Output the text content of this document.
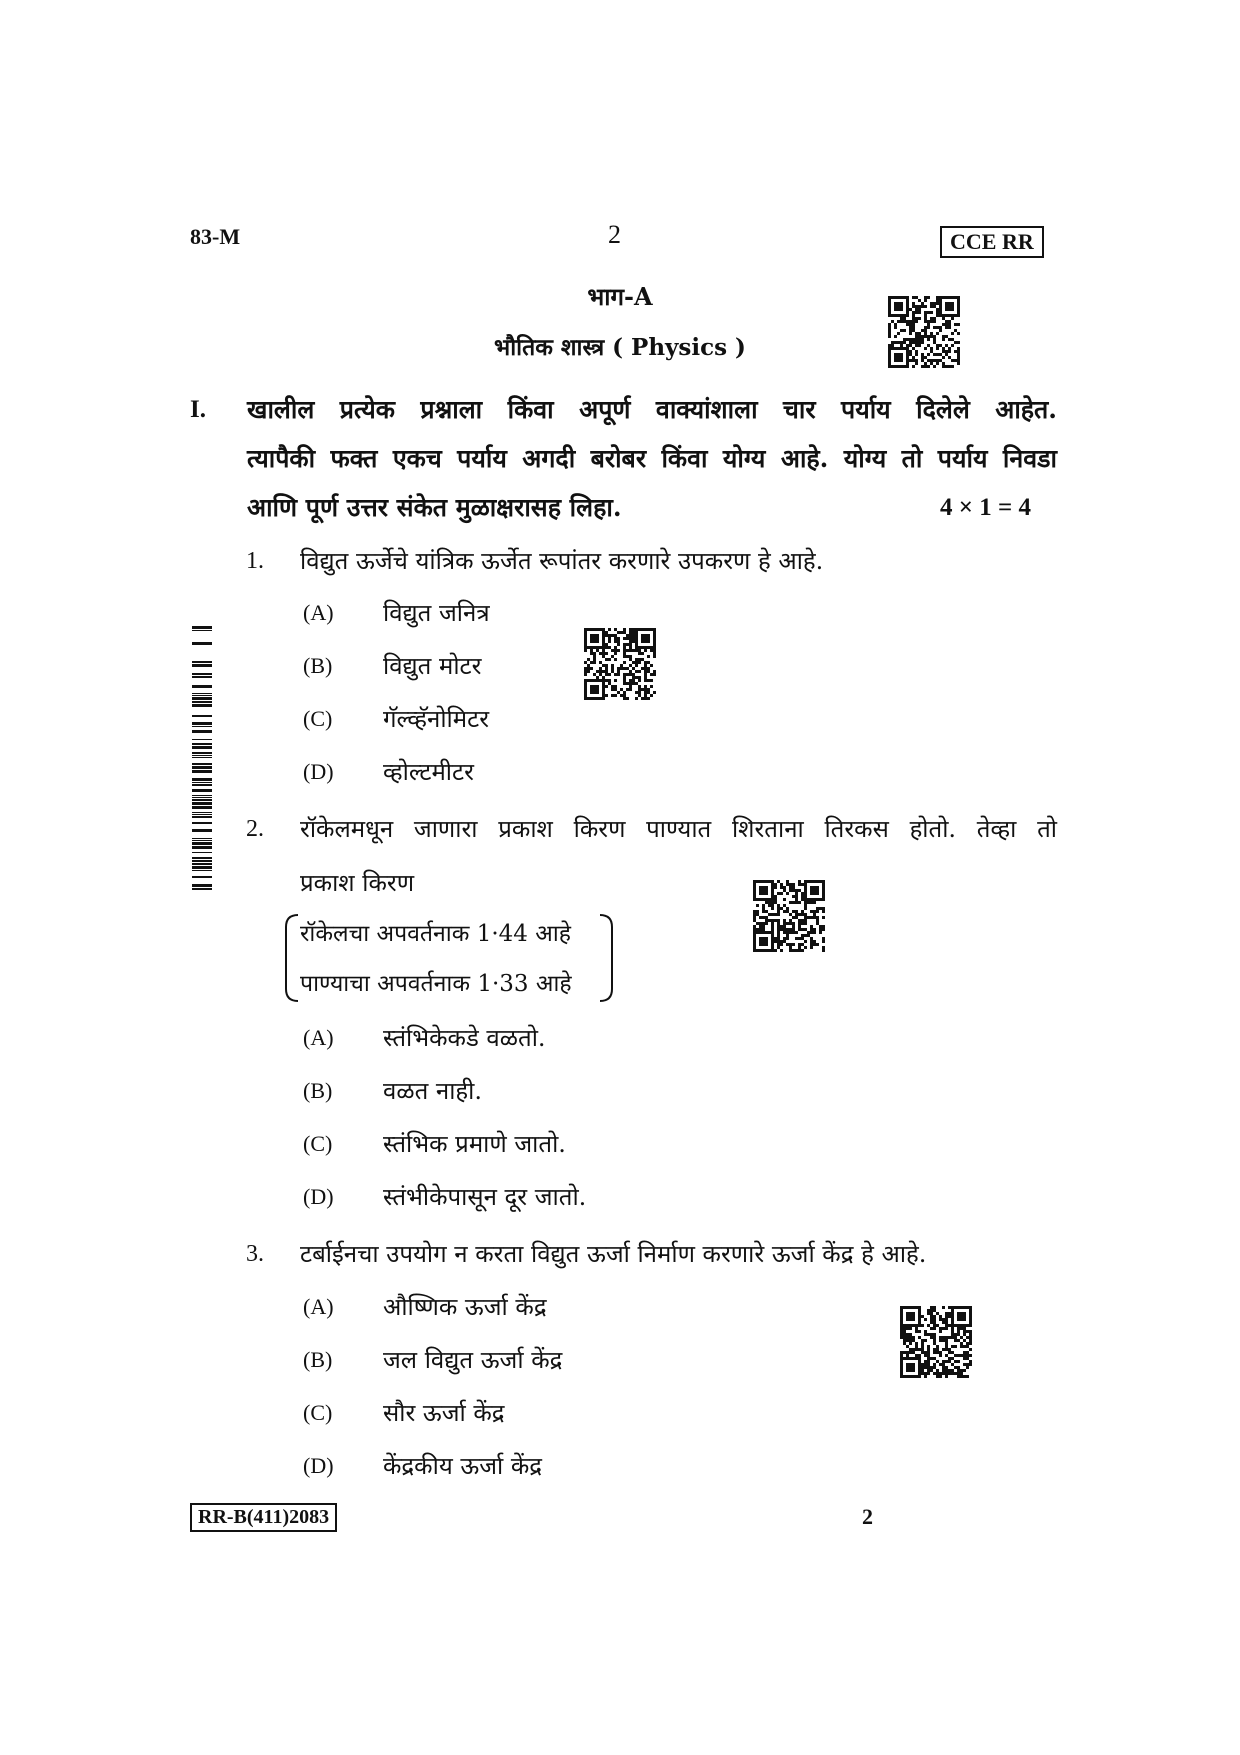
83-M	2	CCE RR
भाग-A
भौतिक शास्त्र ( Physics )
I. खालील प्रत्येक प्रश्नाला किंवा अपूर्ण वाक्यांशाला चार पर्याय दिलेले आहेत.
त्यापैकी फक्त एकच पर्याय अगदी बरोबर किंवा योग्य आहे. योग्य तो पर्याय निवडा
आणि पूर्ण उत्तर संकेत मुळाक्षरासह लिहा.	4 × 1 = 4
1. विद्युत ऊर्जेचे यांत्रिक ऊर्जेत रूपांतर करणारे उपकरण हे आहे.
(A) विद्युत जनित्र
(B) विद्युत मोटर
(C) गॅल्व्हॅनोमिटर
(D) व्होल्टमीटर
2. रॉकेलमधून जाणारा प्रकाश किरण पाण्यात शिरताना तिरकस होतो. तेव्हा तो
प्रकाश किरण
रॉकेलचा अपवर्तनाक 1·44 आहे
पाण्याचा अपवर्तनाक 1·33 आहे
(A) स्तंभिकेकडे वळतो.
(B) वळत नाही.
(C) स्तंभिक प्रमाणे जातो.
(D) स्तंभीकेपासून दूर जातो.
3. टर्बाईनचा उपयोग न करता विद्युत ऊर्जा निर्माण करणारे ऊर्जा केंद्र हे आहे.
(A) औष्णिक ऊर्जा केंद्र
(B) जल विद्युत ऊर्जा केंद्र
(C) सौर ऊर्जा केंद्र
(D) केंद्रकीय ऊर्जा केंद्र
RR-B(411)2083	2
